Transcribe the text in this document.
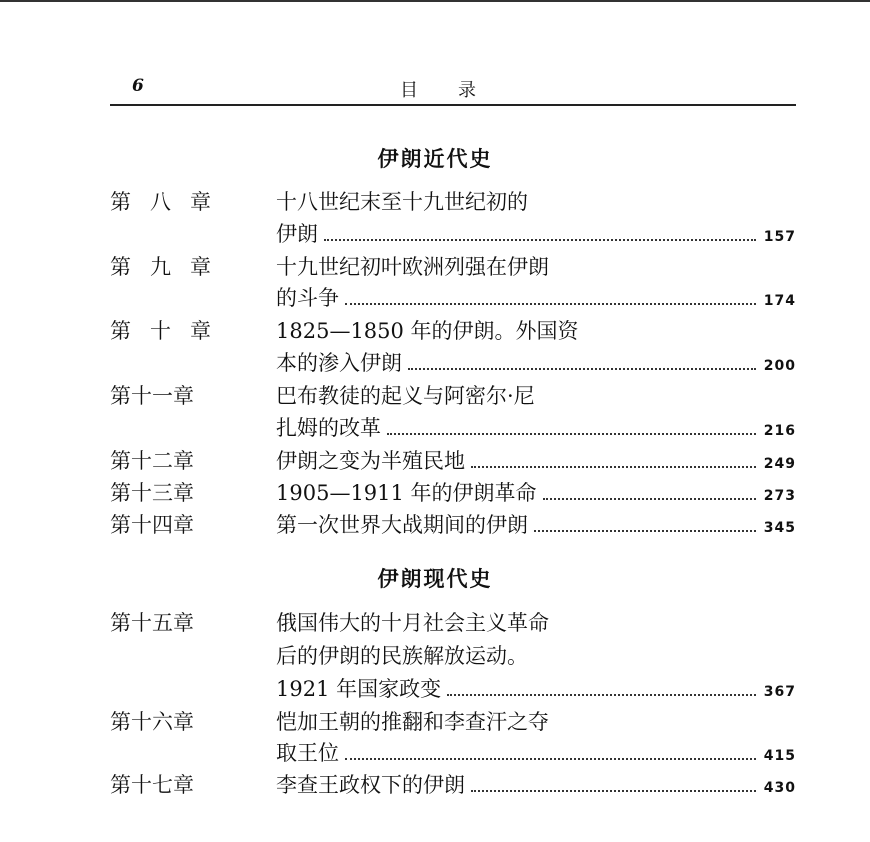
6	目录
伊朗近代史
第八章 十八世纪末至十九世纪初的
伊朗	157
第九章 十九世纪初叶欧洲列强在伊朗
的斗争	174
第十章 1825—1850 年的伊朗。外国资
本的渗入伊朗	200
第十一章	巴布教徒的起义与阿密尔·尼
扎姆的改革	216
第十二章	伊朗之变为半殖民地	249
第十三章	1905—1911 年的伊朗革命	273
第十四章	第一次世界大战期间的伊朗	345
伊朗现代史
第十五章	俄国伟大的十月社会主义革命
后的伊朗的民族解放运动。
1921 年国家政变	367
第十六章	恺加王朝的推翻和李查汗之夺
取王位	415
第十七章	李查王政权下的伊朗	430
